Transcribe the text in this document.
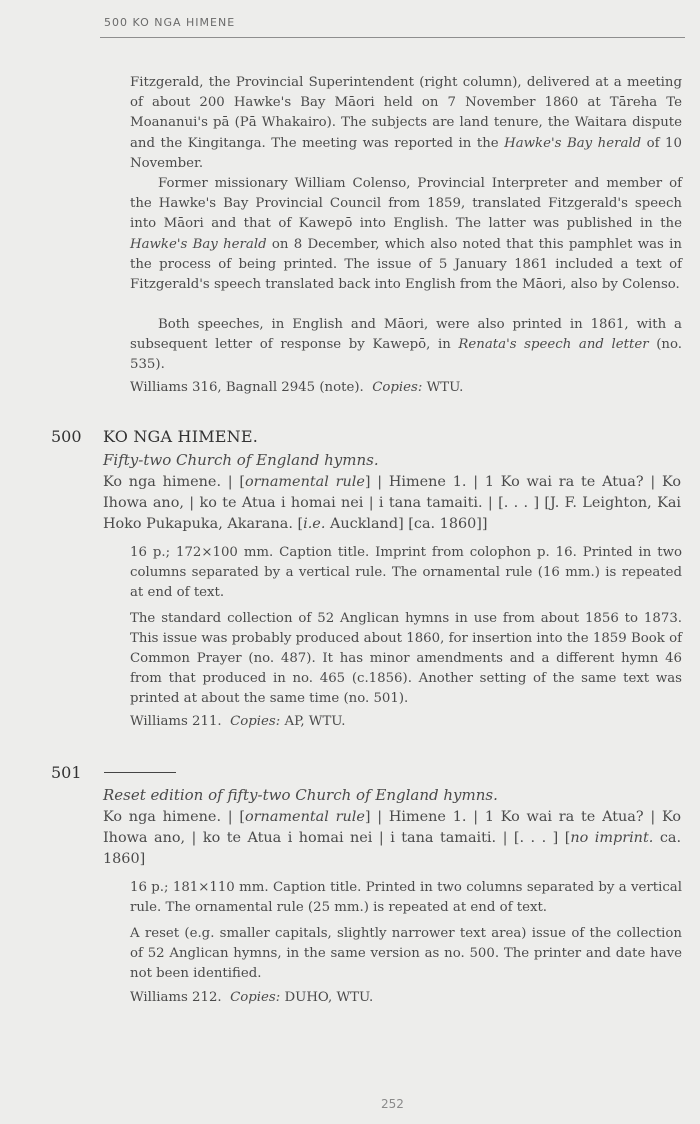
500 KO NGA HIMENE

Fitzgerald, the Provincial Superintendent (right column), delivered at a meeting of about 200 Hawke's Bay Māori held on 7 November 1860 at Tāreha Te Moananui's pā (Pā Whakairo). The subjects are land tenure, the Waitara dispute and the Kingitanga. The meeting was reported in the Hawke's Bay herald of 10 November.

Former missionary William Colenso, Provincial Interpreter and member of the Hawke's Bay Provincial Council from 1859, translated Fitzgerald's speech into Māori and that of Kawepō into English. The latter was published in the Hawke's Bay herald on 8 December, which also noted that this pamphlet was in the process of being printed. The issue of 5 January 1861 included a text of Fitzgerald's speech translated back into English from the Māori, also by Colenso.

Both speeches, in English and Māori, were also printed in 1861, with a subsequent letter of response by Kawepō, in Renata's speech and letter (no. 535).

Williams 316, Bagnall 2945 (note). Copies: WTU.

500 KO NGA HIMENE.
Fifty-two Church of England hymns.

Ko nga himene. | [ornamental rule] | Himene 1. | 1 Ko wai ra te Atua? | Ko Ihowa ano, | ko te Atua i homai nei | i tana tamaiti. | [. . . ] [J. F. Leighton, Kai Hoko Pukapuka, Akarana. [i.e. Auckland] [ca. 1860]]

16 p.; 172×100 mm. Caption title. Imprint from colophon p. 16. Printed in two columns separated by a vertical rule. The ornamental rule (16 mm.) is repeated at end of text.

The standard collection of 52 Anglican hymns in use from about 1856 to 1873. This issue was probably produced about 1860, for insertion into the 1859 Book of Common Prayer (no. 487). It has minor amendments and a different hymn 46 from that produced in no. 465 (c.1856). Another setting of the same text was printed at about the same time (no. 501).

Williams 211. Copies: AP, WTU.

501
Reset edition of fifty-two Church of England hymns.

Ko nga himene. | [ornamental rule] | Himene 1. | 1 Ko wai ra te Atua? | Ko Ihowa ano, | ko te Atua i homai nei | i tana tamaiti. | [. . . ] [no imprint. ca. 1860]

16 p.; 181×110 mm. Caption title. Printed in two columns separated by a vertical rule. The ornamental rule (25 mm.) is repeated at end of text.

A reset (e.g. smaller capitals, slightly narrower text area) issue of the collection of 52 Anglican hymns, in the same version as no. 500. The printer and date have not been identified.

Williams 212. Copies: DUHO, WTU.

252
